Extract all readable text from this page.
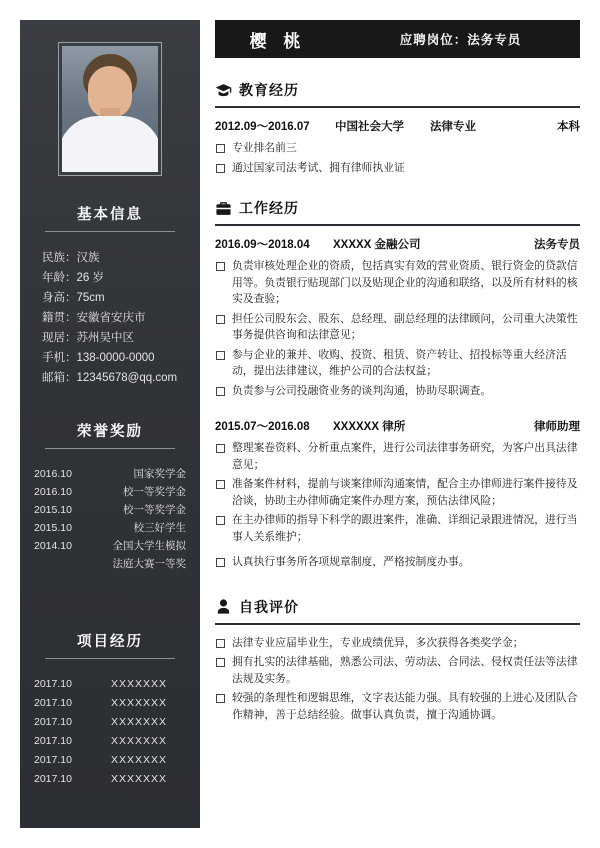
基本信息
民族：汉族
年龄：26 岁
身高：75cm
籍贯：安徽省安庆市
现居：苏州吴中区
手机：138-0000-0000
邮箱：12345678@qq.com
荣誉奖励
2016.10	国家奖学金
2016.10	校一等奖学金
2015.10	校一等奖学金
2015.10	校三好学生
2014.10	全国大学生模拟
法庭大赛一等奖
项目经历
2017.10	XXXXXXX
2017.10	XXXXXXX
2017.10	XXXXXXX
2017.10	XXXXXXX
2017.10	XXXXXXX
2017.10	XXXXXXX
樱 桃	应聘岗位：法务专员
教育经历
2012.09～2016.07	中国社会大学	法律专业	本科
专业排名前三
通过国家司法考试、拥有律师执业证
工作经历
2016.09～2018.04	XXXXX 金融公司	法务专员
负责审核处理企业的资质，包括真实有效的营业资质、银行资金的贷款信用等。负责银行贴现部门以及贴现企业的沟通和联络，以及所有材料的核实及查验；
担任公司股东会、股东、总经理、副总经理的法律顾问，公司重大决策性事务提供咨询和法律意见；
参与企业的兼并、收购、投资、租赁、资产转让、招投标等重大经济活动，提出法律建议，维护公司的合法权益；
负责参与公司投融资业务的谈判沟通，协助尽职调查。
2015.07～2016.08	XXXXXX 律所	律师助理
整理案卷资料、分析重点案件，进行公司法律事务研究，为客户出具法律意见；
准备案件材料，提前与谈案律师沟通案情，配合主办律师进行案件接待及洽谈，协助主办律师确定案件办理方案，预估法律风险；
在主办律师的指导下科学的跟进案件，准确、详细记录跟进情况，进行当事人关系维护；
认真执行事务所各项规章制度，严格按制度办事。
自我评价
法律专业应届毕业生，专业成绩优异，多次获得各类奖学金；
拥有扎实的法律基础，熟悉公司法、劳动法、合同法、侵权责任法等法律法规及实务。
较强的条理性和逻辑思维，文字表达能力强。具有较强的上进心及团队合作精神，善于总结经验。做事认真负责，擅于沟通协调。
